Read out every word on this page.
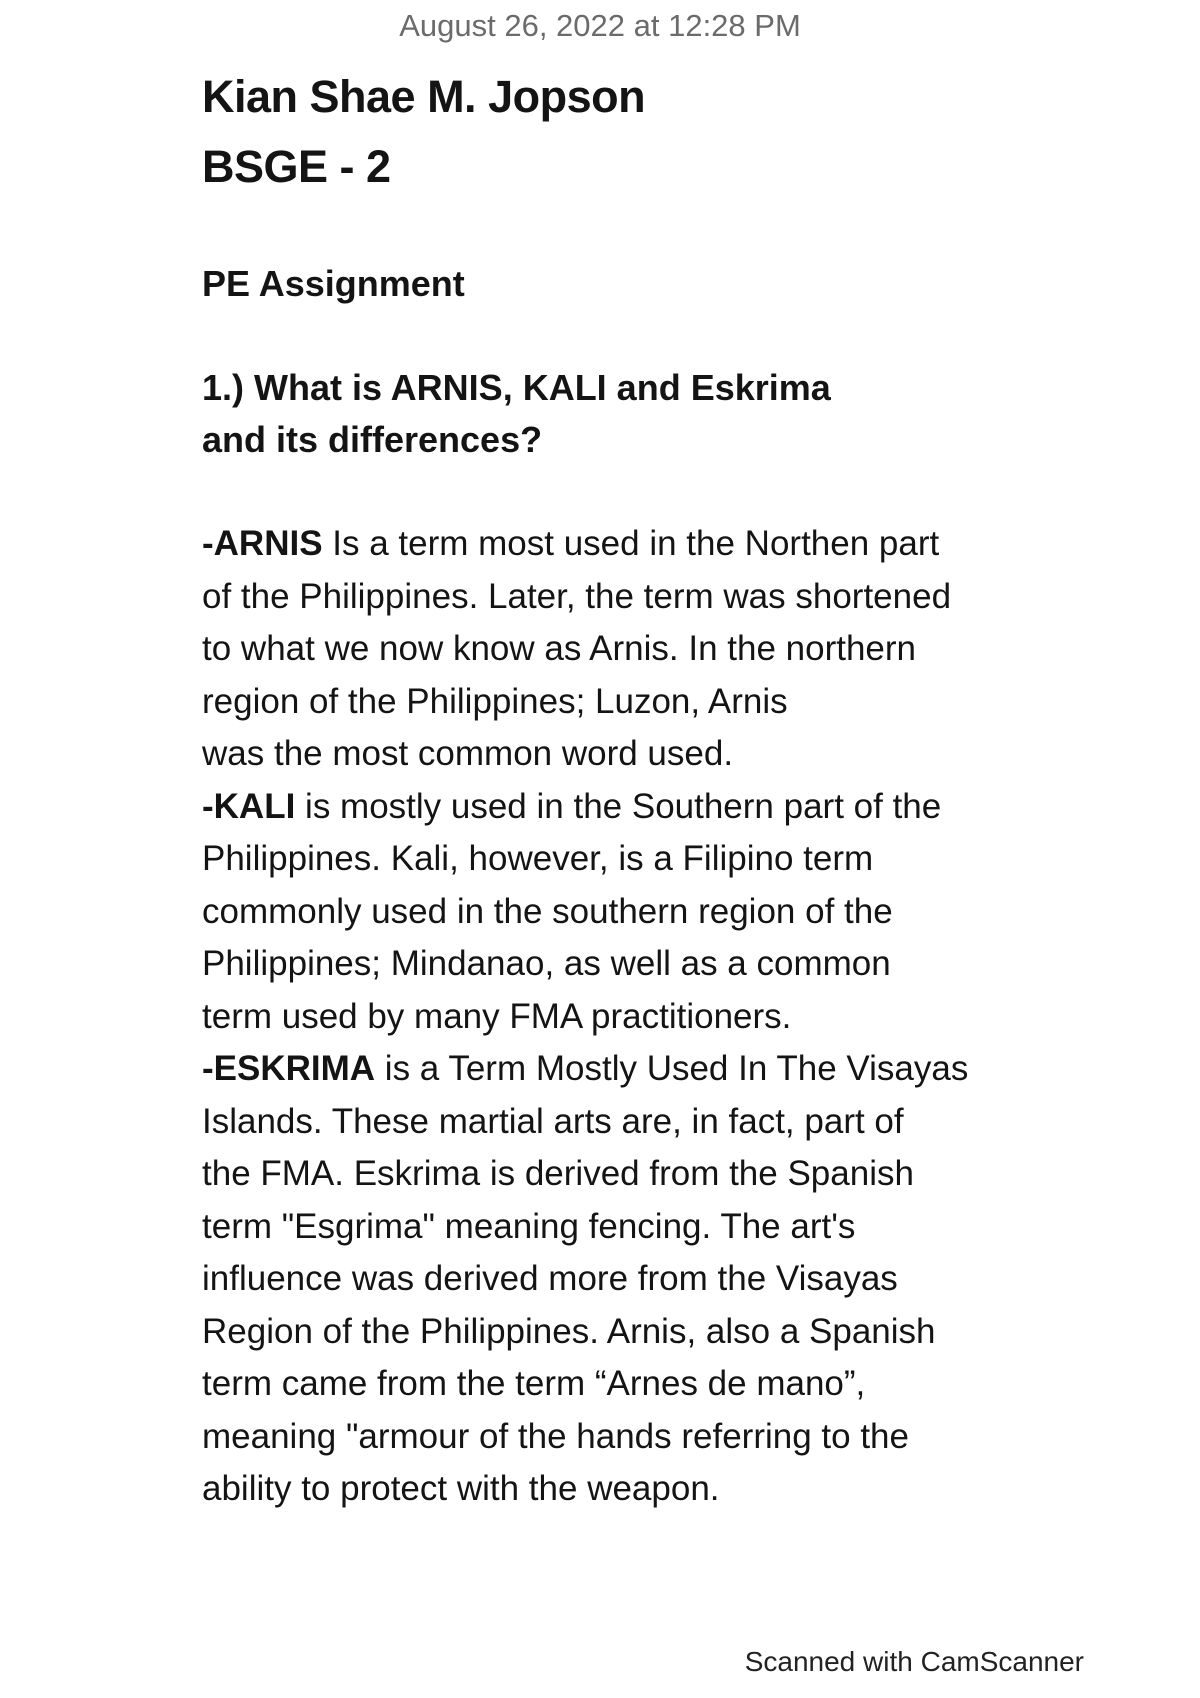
August 26, 2022 at 12:28 PM

Kian Shae M. Jopson

BSGE - 2

PE Assignment

1.) What is ARNIS, KALI and Eskrima
and its differences?

-ARNIS Is a term most used in the Northen part
of the Philippines. Later, the term was shortened
to what we now know as Arnis. In the northern
region of the Philippines; Luzon, Arnis
was the most common word used.
-KALI is mostly used in the Southern part of the
Philippines. Kali, however, is a Filipino term
commonly used in the southern region of the
Philippines; Mindanao, as well as a common
term used by many FMA practitioners.
-ESKRIMA is a Term Mostly Used In The Visayas
Islands. These martial arts are, in fact, part of
the FMA. Eskrima is derived from the Spanish
term "Esgrima" meaning fencing. The art's
influence was derived more from the Visayas
Region of the Philippines. Arnis, also a Spanish
term came from the term “Arnes de mano”,
meaning "armour of the hands referring to the
ability to protect with the weapon.
Scanned with CamScanner
